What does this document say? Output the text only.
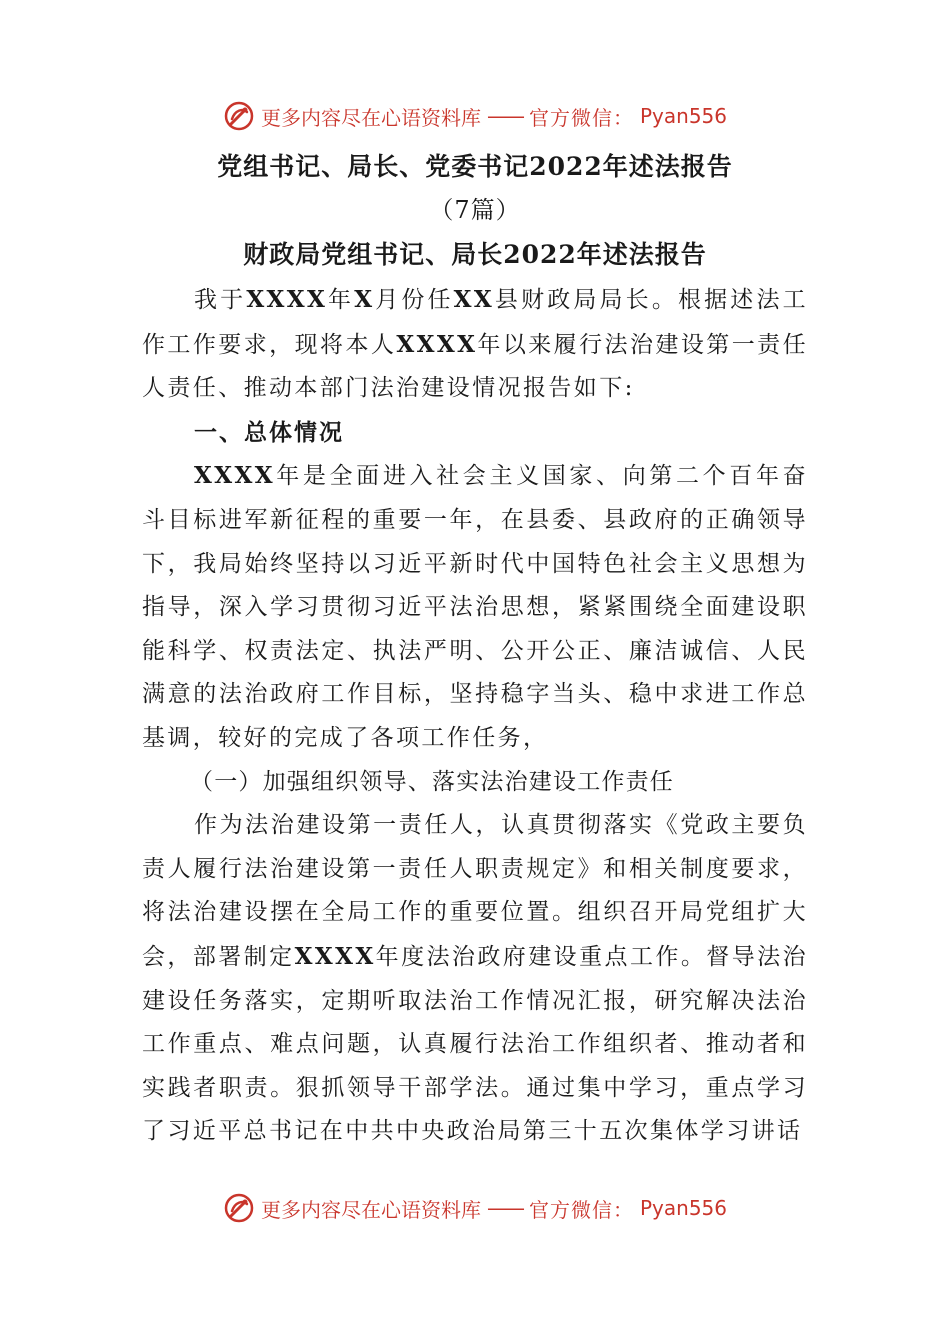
更多内容尽在心语资料库 —— 官方微信： Pyan556
党组书记、局长、党委书记2022年述法报告
（7篇）
财政局党组书记、局长2022年述法报告

我于XXXX年X月份任XX县财政局局长。根据述法工作工作要求，现将本人XXXX年以来履行法治建设第一责任人责任、推动本部门法治建设情况报告如下:

一、总体情况

XXXX年是全面进入社会主义国家、向第二个百年奋斗目标进军新征程的重要一年，在县委、县政府的正确领导下，我局始终坚持以习近平新时代中国特色社会主义思想为指导，深入学习贯彻习近平法治思想，紧紧围绕全面建设职能科学、权责法定、执法严明、公开公正、廉洁诚信、人民满意的法治政府工作目标，坚持稳字当头、稳中求进工作总基调，较好的完成了各项工作任务，

（一）加强组织领导、落实法治建设工作责任

作为法治建设第一责任人，认真贯彻落实《党政主要负责人履行法治建设第一责任人职责规定》和相关制度要求，将法治建设摆在全局工作的重要位置。组织召开局党组扩大会，部署制定XXXX年度法治政府建设重点工作。督导法治建设任务落实，定期听取法治工作情况汇报，研究解决法治工作重点、难点问题，认真履行法治工作组织者、推动者和实践者职责。狠抓领导干部学法。通过集中学习，重点学习了习近平总书记在中共中央政治局第三十五次集体学习讲话

更多内容尽在心语资料库 —— 官方微信： Pyan556
